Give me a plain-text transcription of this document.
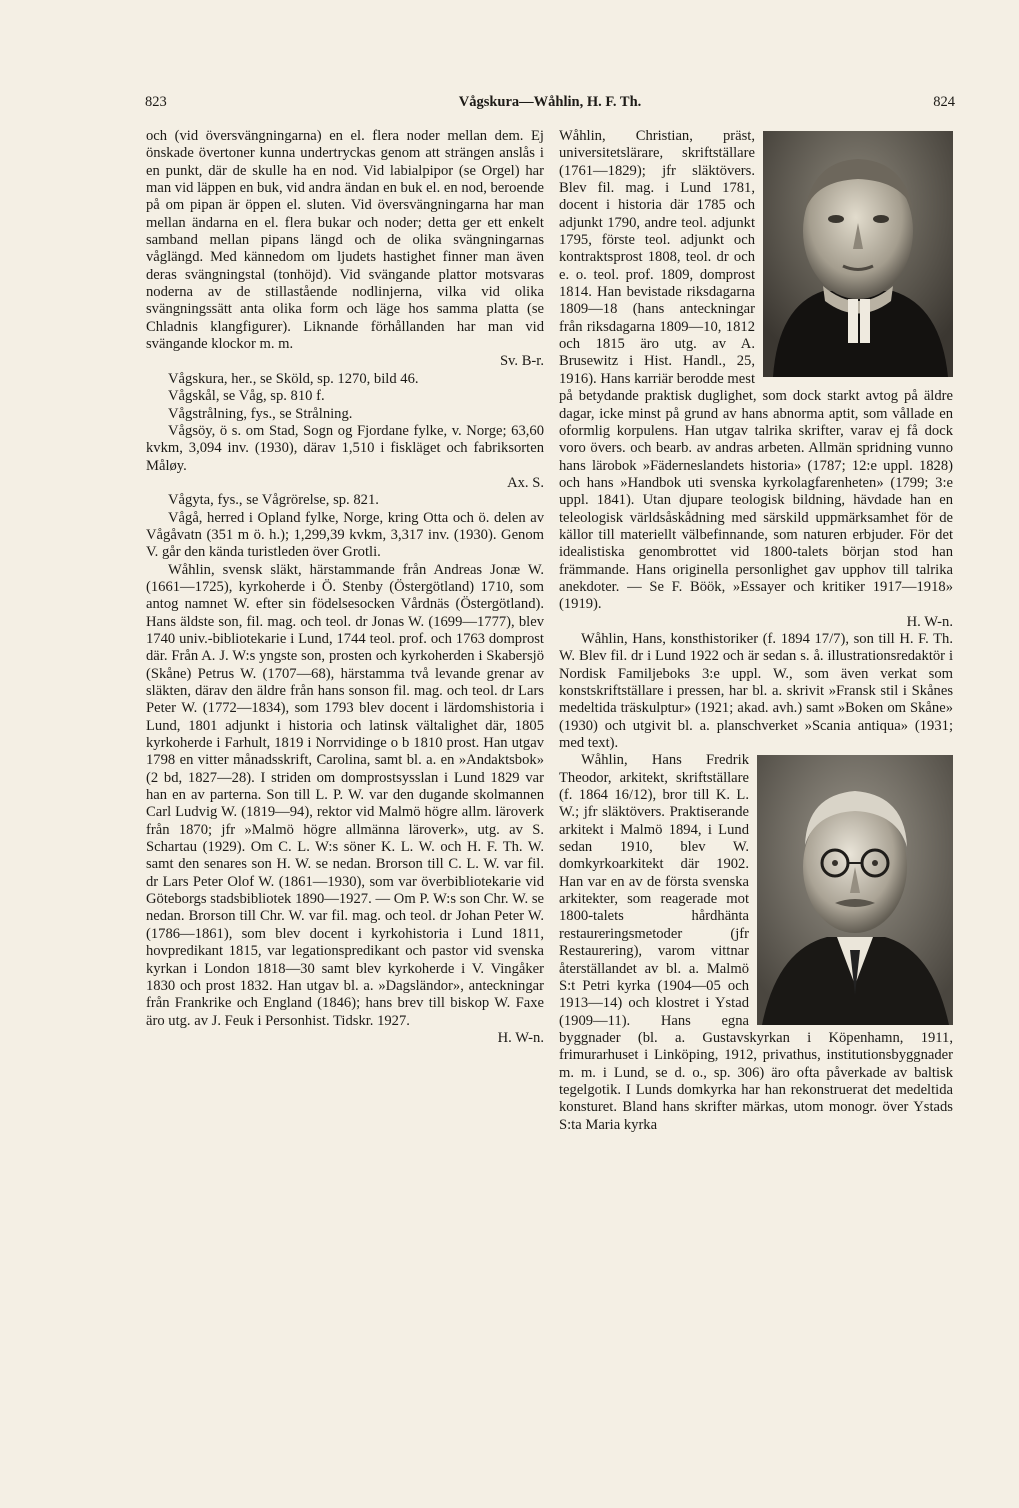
823	Vågskura—Wåhlin, H. F. Th.	824

och (vid översvängningarna) en el. flera noder mellan dem. Ej önskade övertoner kunna undertryckas genom att strängen anslås i en punkt, där de skulle ha en nod. Vid labialpipor (se Orgel) har man vid läppen en buk, vid andra ändan en buk el. en nod, beroende på om pipan är öppen el. sluten. Vid översvängningarna har man mellan ändarna en el. flera bukar och noder; detta ger ett enkelt samband mellan pipans längd och de olika svängningarnas våglängd. Med kännedom om ljudets hastighet finner man även deras svängningstal (tonhöjd). Vid svängande plattor motsvaras noderna av de stillastående nodlinjerna, vilka vid olika svängningssätt anta olika form och läge hos samma platta (se Chladnis klangfigurer). Liknande förhållanden har man vid svängande klockor m. m.

Sv. B-r.

Vågskura, her., se Sköld, sp. 1270, bild 46.

Vågskål, se Våg, sp. 810 f.

Vågstrålning, fys., se Strålning.

Vågsöy, ö s. om Stad, Sogn og Fjordane fylke, v. Norge; 63,60 kvkm, 3,094 inv. (1930), därav 1,510 i fiskläget och fabriksorten Måløy.

Ax. S.

Vågyta, fys., se Vågrörelse, sp. 821.

Vågå, herred i Opland fylke, Norge, kring Otta och ö. delen av Vågåvatn (351 m ö. h.); 1,299,39 kvkm, 3,317 inv. (1930). Genom V. går den kända turistleden över Grotli.

Wåhlin, svensk släkt, härstammande från Andreas Jonæ W. (1661—1725), kyrkoherde i Ö. Stenby (Östergötland) 1710, som antog namnet W. efter sin födelsesocken Vårdnäs (Östergötland). Hans äldste son, fil. mag. och teol. dr Jonas W. (1699—1777), blev 1740 univ.-bibliotekarie i Lund, 1744 teol. prof. och 1763 domprost där. Från A. J. W:s yngste son, prosten och kyrkoherden i Skabersjö (Skåne) Petrus W. (1707—68), härstamma två levande grenar av släkten, därav den äldre från hans sonson fil. mag. och teol. dr Lars Peter W. (1772—1834), som 1793 blev docent i lärdomshistoria i Lund, 1801 adjunkt i historia och latinsk vältalighet där, 1805 kyrkoherde i Farhult, 1819 i Norrvidinge o b 1810 prost. Han utgav 1798 en vitter månadsskrift, Carolina, samt bl. a. en »Andaktsbok» (2 bd, 1827—28). I striden om domprostsysslan i Lund 1829 var han en av parterna. Son till L. P. W. var den dugande skolmannen Carl Ludvig W. (1819—94), rektor vid Malmö högre allm. läroverk från 1870; jfr »Malmö högre allmänna läroverk», utg. av S. Schartau (1929). Om C. L. W:s söner K. L. W. och H. F. Th. W. samt den senares son H. W. se nedan. Brorson till C. L. W. var fil. dr Lars Peter Olof W. (1861—1930), som var överbibliotekarie vid Göteborgs stadsbibliotek 1890—1927. — Om P. W:s son Chr. W. se nedan. Brorson till Chr. W. var fil. mag. och teol. dr Johan Peter W. (1786—1861), som blev docent i kyrkohistoria i Lund 1811, hovpredikant 1815, var legationspredikant och pastor vid svenska kyrkan i London 1818—30 samt blev kyrkoherde i V. Vingåker 1830 och prost 1832. Han utgav bl. a. »Dagsländor», anteckningar från Frankrike och England (1846); hans brev till biskop W. Faxe äro utg. av J. Feuk i Personhist. Tidskr. 1927.

H. W-n.

Wåhlin, Christian, präst, universitetslärare, skriftställare (1761—1829); jfr släktövers. Blev fil. mag. i Lund 1781, docent i historia där 1785 och adjunkt 1790, andre teol. adjunkt 1795, förste teol. adjunkt och kontraktsprost 1808, teol. dr och e. o. teol. prof. 1809, domprost 1814. Han bevistade riksdagarna 1809—18 (hans anteckningar från riksdagarna 1809—10, 1812 och 1815 äro utg. av A. Brusewitz i Hist. Handl., 25, 1916). Hans karriär berodde mest på betydande praktisk duglighet, som dock starkt avtog på äldre dagar, icke minst på grund av hans abnorma aptit, som vållade en oformlig korpulens. Han utgav talrika skrifter, varav ej få dock voro övers. och bearb. av andras arbeten. Allmän spridning vunno hans lärobok »Fäderneslandets historia» (1787; 12:e uppl. 1828) och hans »Handbok uti svenska kyrkolagfarenheten» (1799; 3:e uppl. 1841). Utan djupare teologisk bildning, hävdade han en teleologisk världsåskådning med särskild uppmärksamhet för de källor till materiellt välbefinnande, som naturen erbjuder. För det idealistiska genombrottet vid 1800-talets början stod han främmande. Hans originella personlighet gav upphov till talrika anekdoter. — Se F. Böök, »Essayer och kritiker 1917—1918» (1919).

H. W-n.

Wåhlin, Hans, konsthistoriker (f. 1894 17/7), son till H. F. Th. W. Blev fil. dr i Lund 1922 och är sedan s. å. illustrationsredaktör i Nordisk Familjeboks 3:e uppl. W., som även verkat som konstskriftställare i pressen, har bl. a. skrivit »Fransk stil i Skånes medeltida träskulptur» (1921; akad. avh.) samt »Boken om Skåne» (1930) och utgivit bl. a. planschverket »Scania antiqua» (1931; med text).

Wåhlin, Hans Fredrik Theodor, arkitekt, skriftställare (f. 1864 16/12), bror till K. L. W.; jfr släktövers. Praktiserande arkitekt i Malmö 1894, i Lund sedan 1910, blev W. domkyrkoarkitekt där 1902. Han var en av de första svenska arkitekter, som reagerade mot 1800-talets hårdhänta restaureringsmetoder (jfr Restaurering), varom vittnar återställandet av bl. a. Malmö S:t Petri kyrka (1904—05 och 1913—14) och klostret i Ystad (1909—11). Hans egna byggnader (bl. a. Gustavskyrkan i Köpenhamn, 1911, frimurarhuset i Linköping, 1912, privathus, institutionsbyggnader m. m. i Lund, se d. o., sp. 306) äro ofta påverkade av baltisk tegelgotik. I Lunds domkyrka har han rekonstruerat det medeltida konsturet. Bland hans skrifter märkas, utom monogr. över Ystads S:ta Maria kyrka
